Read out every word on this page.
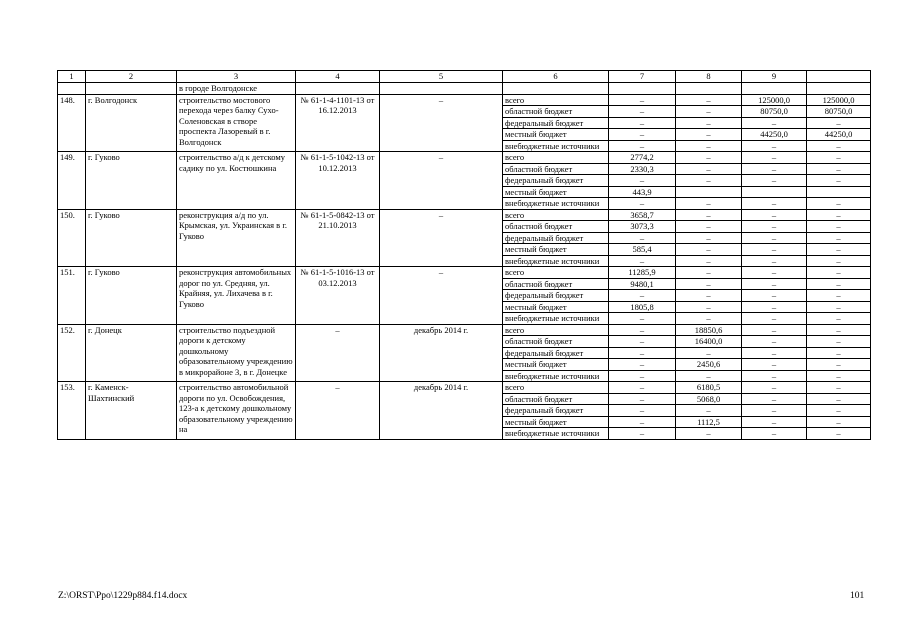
1	2	3	4	5	6	7	8	9	
		в городе Волгодонске							
148.	г. Волгодонск	строительство мостового перехода через балку Сухо-Соленовская в створе проспекта Лазоревый в г. Волгодонск	№ 61-1-4-1101-13 от 16.12.2013	–	всего	–	–	125000,0	125000,0
					областной бюджет	–	–	80750,0	80750,0
					федеральный бюджет	–	–	–	–
					местный бюджет	–	–	44250,0	44250,0
					внебюджетные источники	–	–	–	–
149.	г. Гуково	строительство а/д к детскому садику по ул. Костюшкина	№ 61-1-5-1042-13 от 10.12.2013	–	всего	2774,2	–	–	–
					областной бюджет	2330,3	–	–	–
					федеральный бюджет	–	–	–	–
					местный бюджет	443,9			
					внебюджетные источники	–	–	–	–
150.	г. Гуково	реконструкция а/д по ул. Крымская, ул. Украинская в г. Гуково	№ 61-1-5-0842-13 от 21.10.2013	–	всего	3658,7	–	–	–
					областной бюджет	3073,3	–	–	–
					федеральный бюджет	–	–	–	–
					местный бюджет	585,4	–	–	–
					внебюджетные источники	–	–	–	–
151.	г. Гуково	реконструкция автомобильных дорог по ул. Средняя, ул. Крайняя, ул. Лихачева в г. Гуково	№ 61-1-5-1016-13 от 03.12.2013	–	всего	11285,9	–	–	–
					областной бюджет	9480,1	–	–	–
					федеральный бюджет	–	–	–	–
					местный бюджет	1805,8	–	–	–
					внебюджетные источники	–	–	–	–
152.	г. Донецк	строительство подъездной дороги к детскому дошкольному образовательному учреждению в микрорайоне 3, в г. Донецке	–	декабрь 2014 г.	всего	–	18850,6	–	–
					областной бюджет	–	16400,0	–	–
					федеральный бюджет	–	–	–	–
					местный бюджет	–	2450,6	–	–
					внебюджетные источники	–	–	–	–
153.	г. Каменск-Шахтинский	строительство автомобильной дороги по ул. Освобождения, 123-а к детскому дошкольному образовательному учреждению на	–	декабрь 2014 г.	всего	–	6180,5	–	–
					областной бюджет	–	5068,0	–	–
					федеральный бюджет	–	–	–	–
					местный бюджет	–	1112,5	–	–
					внебюджетные источники	–	–	–	–
Z:\ORST\Ppo\1229p884.f14.docx	101
